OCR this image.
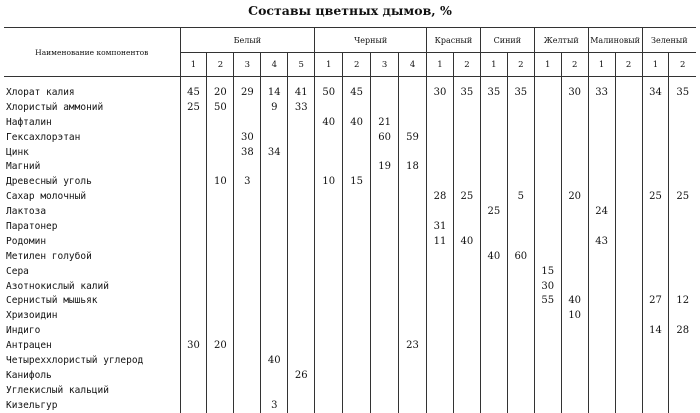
Составы цветных дымов, %
Наименование компонентов	Белый					Черный				Красный		Синий		Желтый		Малиновый		Зеленый	
	1	2	3	4	5	1	2	3	4	1	2	1	2	1	2	1	2	1	2
Хлорат калия	45	20	29	14	41	50	45			30	35	35	35		30	33		34	35
Хлористый аммоний	25	50		9	33														
Нафталин						40	40	21											
Гексахлорэтан			30					60	59										
Цинк			38	34															
Магний								19	18										
Древесный уголь		10	3			10	15												
Сахар молочный										28	25		5		20			25	25
Лактоза												25				24			
Паратонер										31									
Родомин										11	40					43			
Метилен голубой												40	60						
Сера														15					
Азотнокислый калий														30					
Сернистый мышьяк														55	40			27	12
Хризоидин															10				
Индиго																		14	28
Антрацен	30	20							23										
Четыреххлористый углерод				40															
Канифоль					26														
Углекислый кальций																			
Кизельгур				3															
